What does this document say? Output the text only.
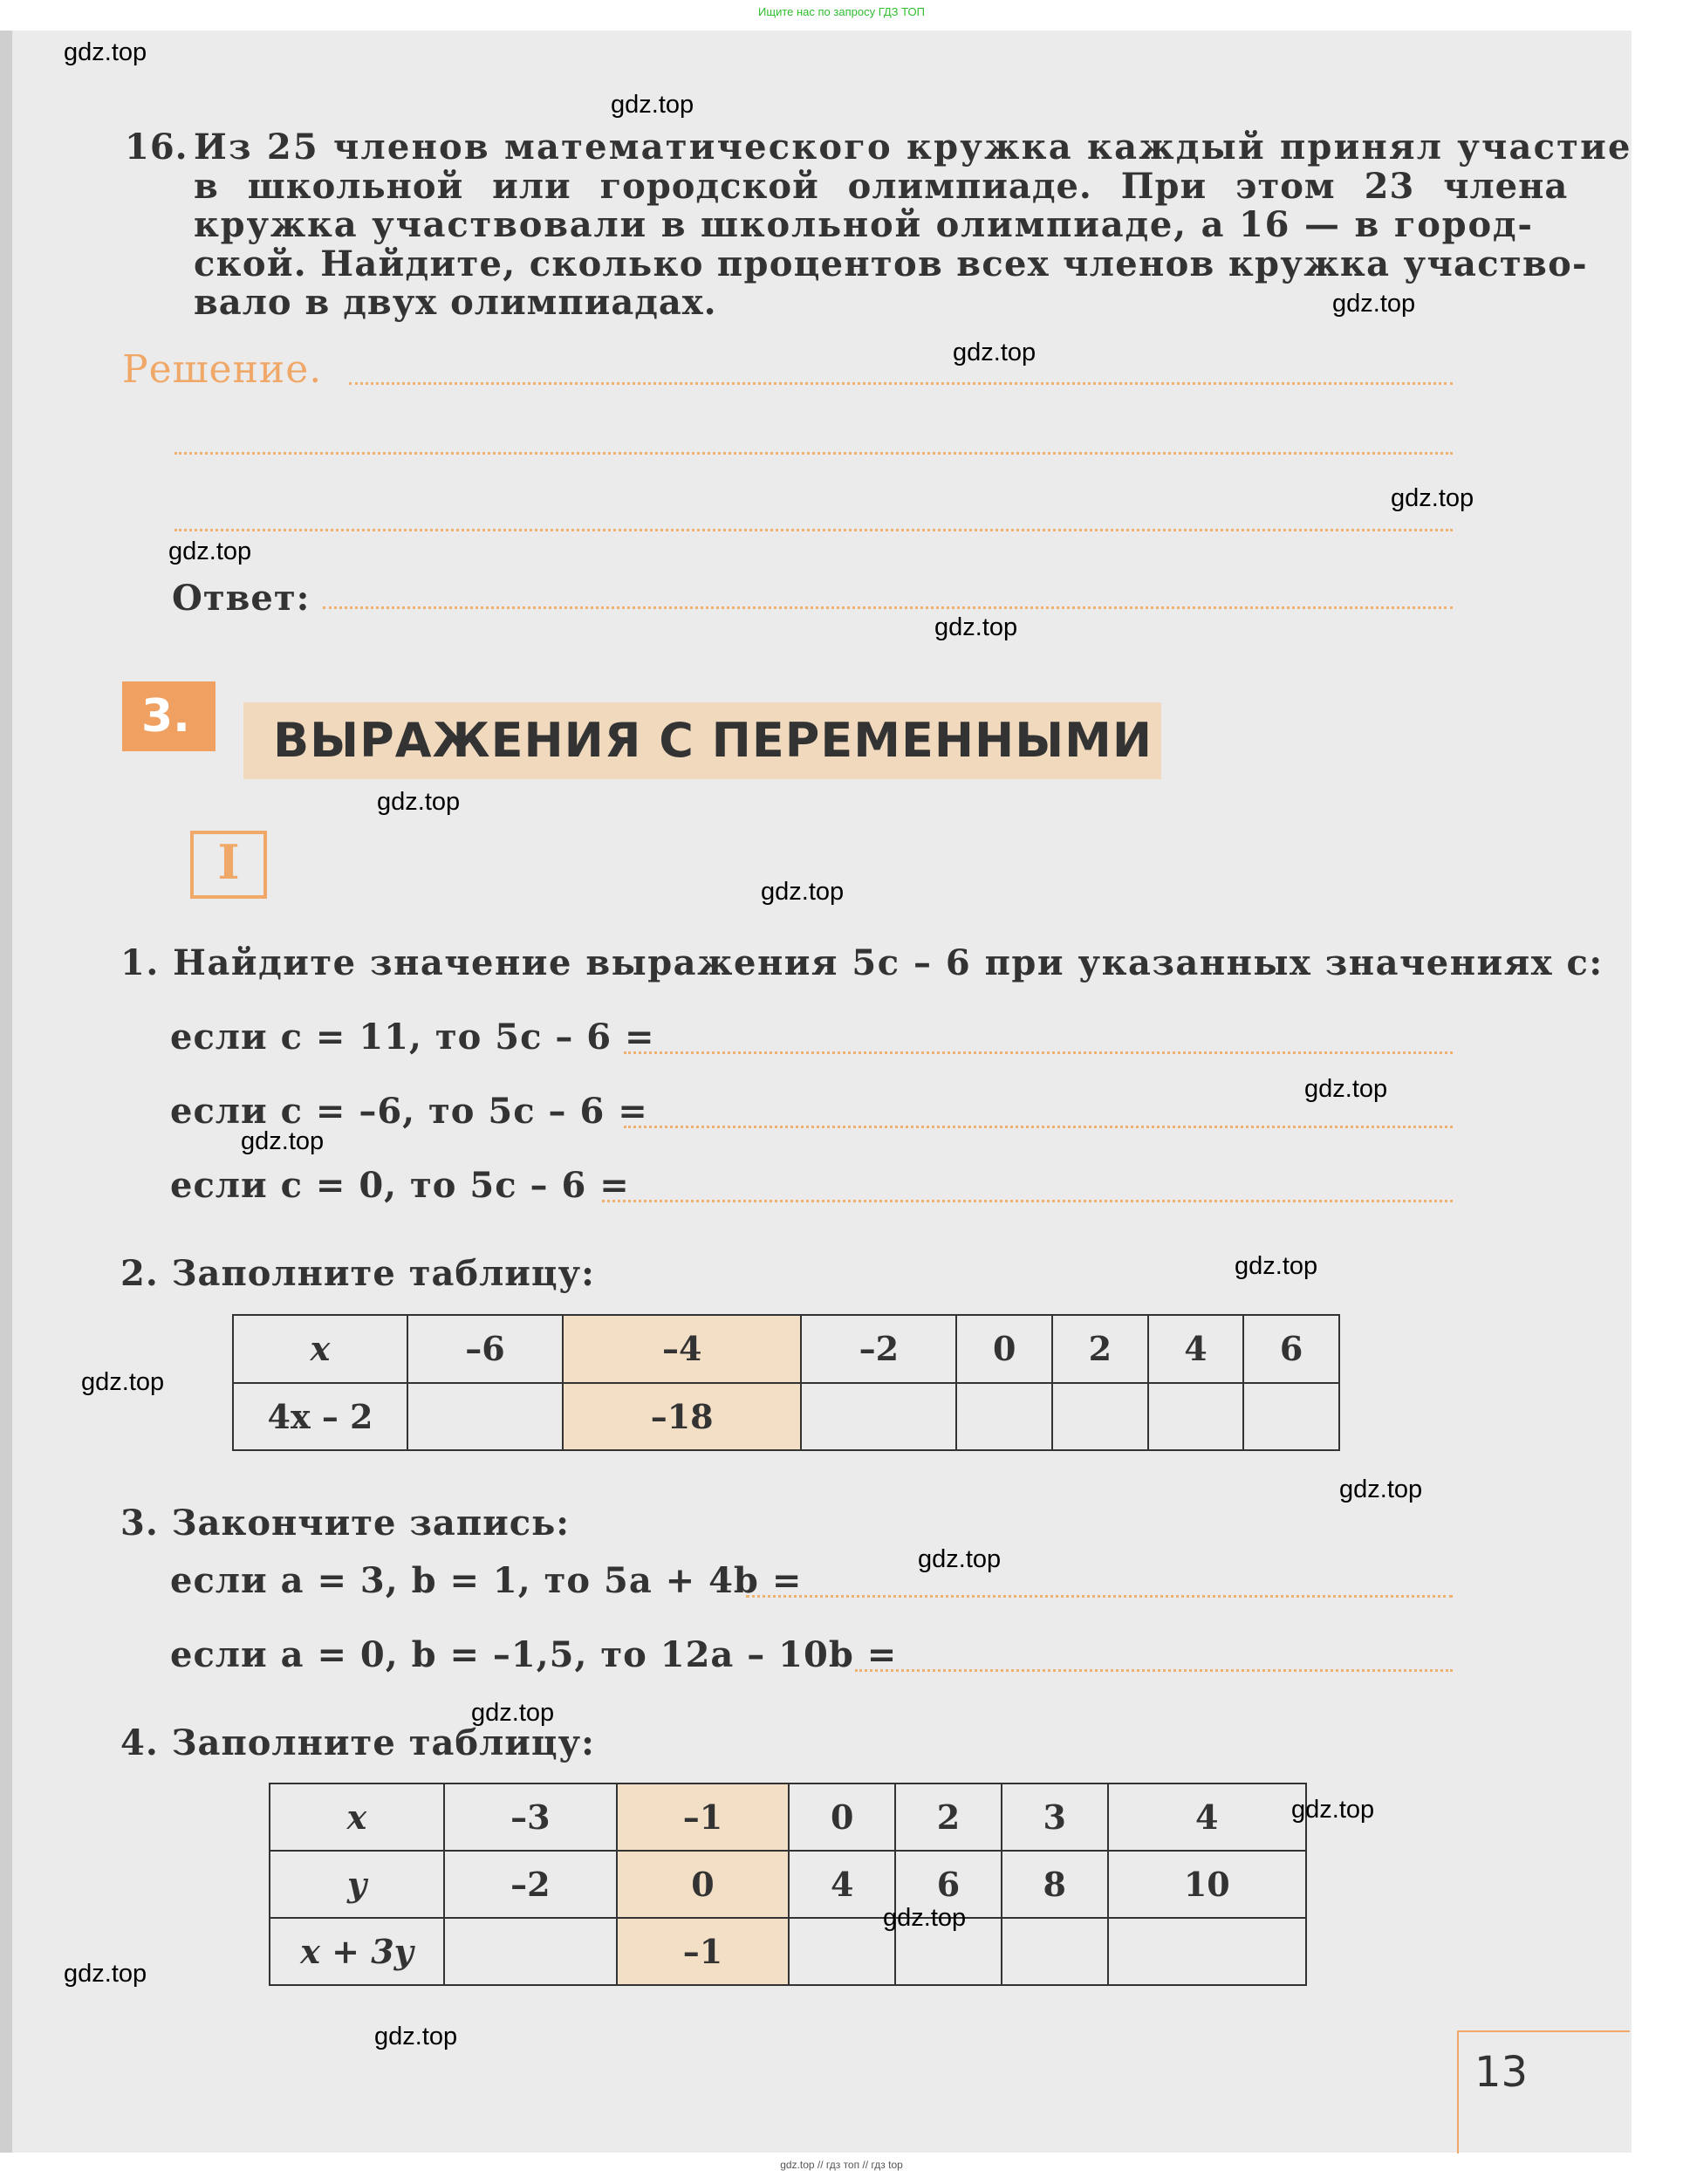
Ищите нас по запросу ГДЗ ТОП
16. Из 25 членов математического кружка каждый принял участие
в школьной или городской олимпиаде. При этом 23 члена
кружка участвовали в школьной олимпиаде, а 16 — в город-
ской. Найдите, сколько процентов всех членов кружка участво-
вало в двух олимпиадах.
Решение.
Ответ:
3.	ВЫРАЖЕНИЯ С ПЕРЕМЕННЫМИ
I
1. Найдите значение выражения 5c – 6 при указанных значениях c:
если c = 11, то 5c – 6 =
если c = –6, то 5c – 6 =
если c = 0, то 5c – 6 =
2. Заполните таблицу:
x	–6	–4	–2	0	2	4	6
4x – 2		–18					
3. Закончите запись:
если a = 3, b = 1, то 5a + 4b =
если a = 0, b = –1,5, то 12a – 10b =
4. Заполните таблицу:
x	–3	–1	0	2	3	4
y	–2	0	4	6	8	10
x + 3y		–1				
13
gdz.top
gdz.top
gdz.top
gdz.top
gdz.top
gdz.top
gdz.top
gdz.top
gdz.top
gdz.top
gdz.top
gdz.top
gdz.top
gdz.top
gdz.top
gdz.top
gdz.top
gdz.top
gdz.top
gdz.top
gdz.top // гдз топ // гдз top
